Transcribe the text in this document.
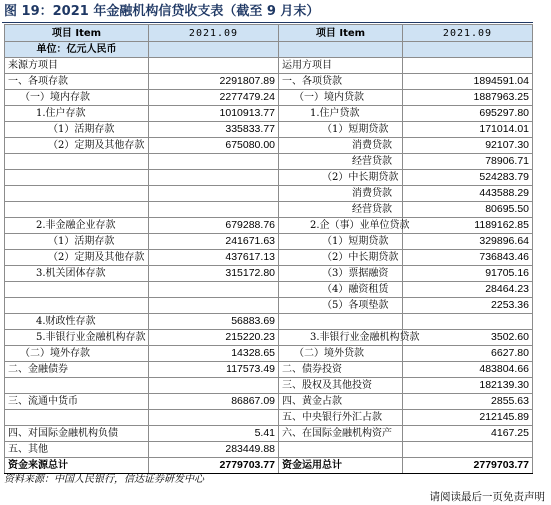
图 19：2021 年金融机构信贷收支表（截至 9 月末）
项目 Item	2021.09	项目 Item	2021.09
单位：亿元人民币			
来源方项目		运用方项目	
一、各项存款	2291807.89	一、各项贷款	1894591.04
（一）境内存款	2277479.24	（一）境内贷款	1887963.25
1.住户存款	1010913.77	1.住户贷款	695297.80
（1）活期存款	335833.77	（1）短期贷款	171014.01
（2）定期及其他存款	675080.00	消费贷款	92107.30
		经营贷款	78906.71
		（2）中长期贷款	524283.79
		消费贷款	443588.29
		经营贷款	80695.50
2.非金融企业存款	679288.76	2.企（事）业单位贷款	1189162.85
（1）活期存款	241671.63	（1）短期贷款	329896.64
（2）定期及其他存款	437617.13	（2）中长期贷款	736843.46
3.机关团体存款	315172.80	（3）票据融资	91705.16
		（4）融资租赁	28464.23
		（5）各项垫款	2253.36
4.财政性存款	56883.69		
5.非银行业金融机构存款	215220.23	3.非银行业金融机构贷款	3502.60
（二）境外存款	14328.65	（二）境外贷款	6627.80
二、金融债券	117573.49	二、债券投资	483804.66
		三、股权及其他投资	182139.30
三、流通中货币	86867.09	四、黄金占款	2855.63
		五、中央银行外汇占款	212145.89
四、对国际金融机构负债	5.41	六、在国际金融机构资产	4167.25
五、其他	283449.88		
资金来源总计	2779703.77	资金运用总计	2779703.77
资料来源：中国人民银行，信达证券研发中心
请阅读最后一页免责声明
